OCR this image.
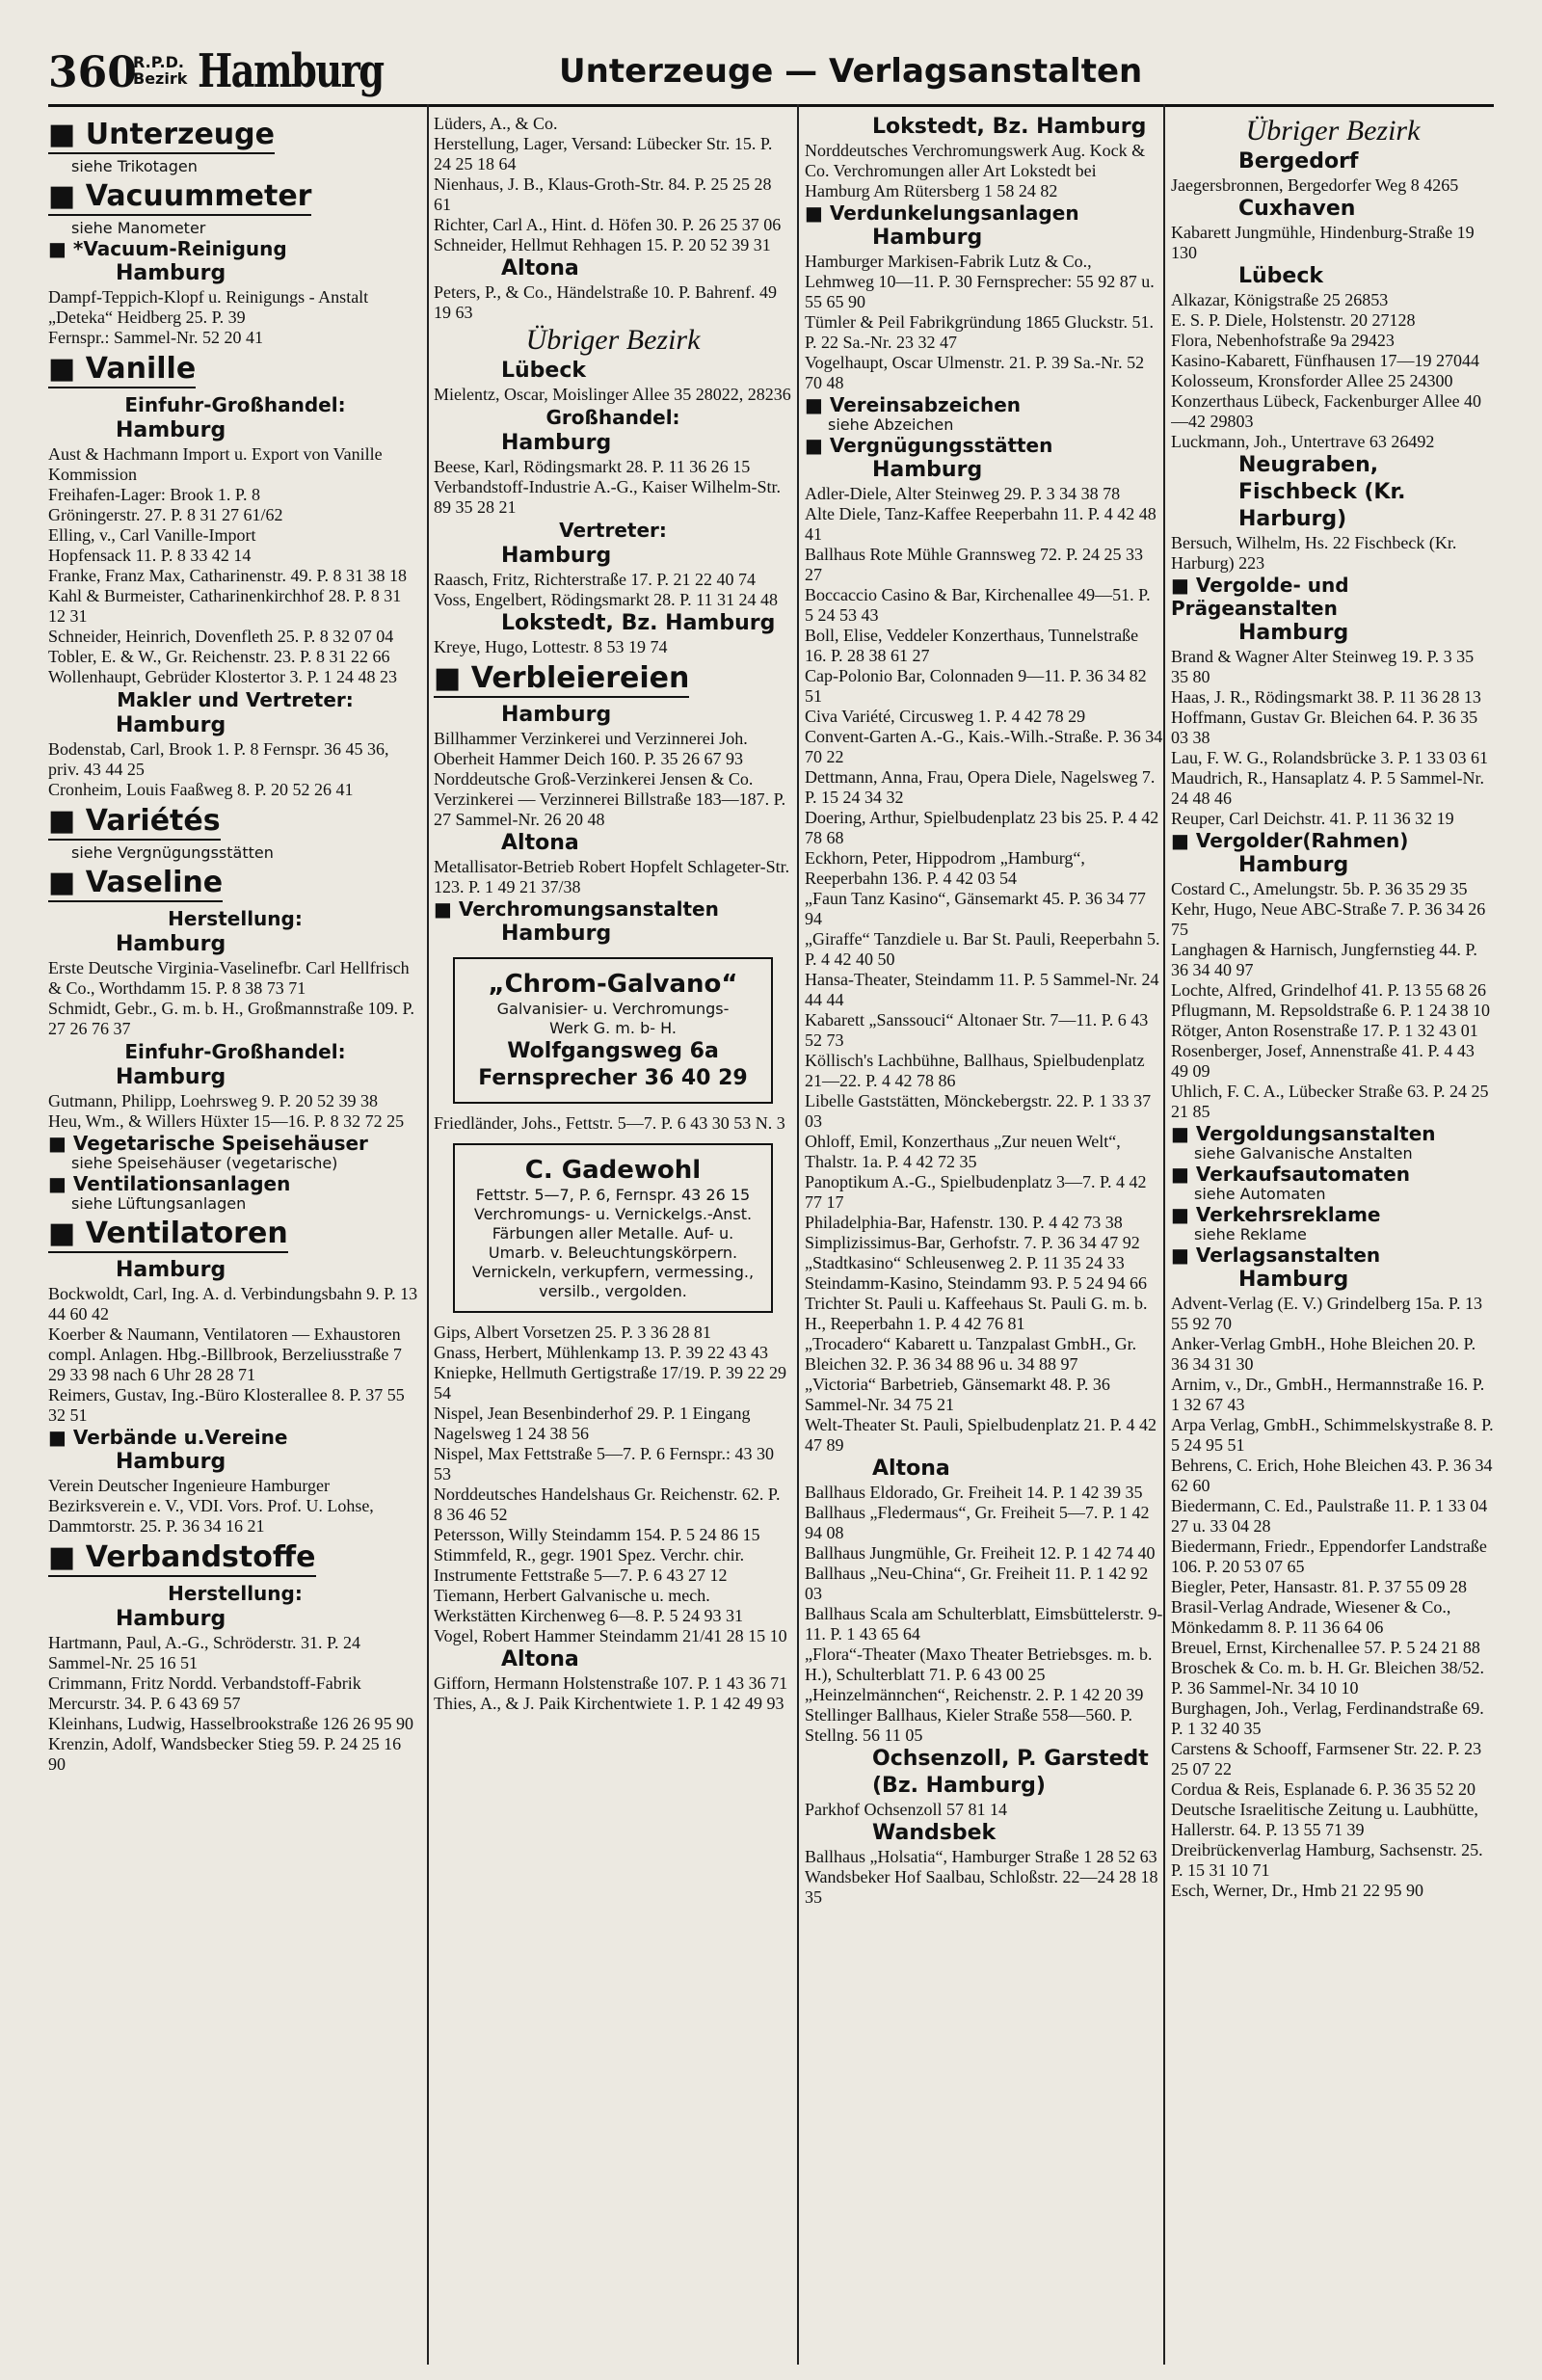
360
R.P.D.
Bezirk Hamburg	Unterzeuge — Verlagsanstalten
■ Unterzeuge
siehe Trikotagen
■ Vacuummeter
siehe Manometer
■ *Vacuum-Reinigung
Hamburg
Dampf-Teppich-Klopf u. Reinigungs - Anstalt „Deteka“ Heidberg 25. P. 39
Fernspr.: Sammel-Nr. 52 20 41
■ Vanille
Einfuhr-Großhandel:
Hamburg
Aust & Hachmann Import u. Export von Vanille Kommission
Freihafen-Lager: Brook 1. P. 8
Gröningerstr. 27. P. 8 31 27 61/62
Elling, v., Carl Vanille-Import
Hopfensack 11. P. 8 33 42 14
Franke, Franz Max, Catharinenstr. 49. P. 8 31 38 18
Kahl & Burmeister, Catharinenkirchhof 28. P. 8 31 12 31
Schneider, Heinrich, Dovenfleth 25. P. 8 32 07 04
Tobler, E. & W., Gr. Reichenstr. 23. P. 8 31 22 66
Wollenhaupt, Gebrüder Klostertor 3. P. 1 24 48 23
Makler und Vertreter:
Hamburg
Bodenstab, Carl, Brook 1. P. 8 Fernspr. 36 45 36, priv. 43 44 25
Cronheim, Louis Faaßweg 8. P. 20 52 26 41
■ Variétés
siehe Vergnügungsstätten
■ Vaseline
Herstellung:
Hamburg
Erste Deutsche Virginia-Vaselinefbr. Carl Hellfrisch & Co., Worthdamm 15. P. 8 38 73 71
Schmidt, Gebr., G. m. b. H., Großmannstraße 109. P. 27 26 76 37
Einfuhr-Großhandel:
Hamburg
Gutmann, Philipp, Loehrsweg 9. P. 20 52 39 38
Heu, Wm., & Willers Hüxter 15—16. P. 8 32 72 25
■ Vegetarische Speisehäuser
siehe Speisehäuser (vegetarische)
■ Ventilationsanlagen
siehe Lüftungsanlagen
■ Ventilatoren
Hamburg
Bockwoldt, Carl, Ing. A. d. Verbindungsbahn 9. P. 13 44 60 42
Koerber & Naumann, Ventilatoren — Exhaustoren compl. Anlagen. Hbg.-Billbrook, Berzeliusstraße 7 29 33 98 nach 6 Uhr 28 28 71
Reimers, Gustav, Ing.-Büro Klosterallee 8. P. 37 55 32 51
■ Verbände u.Vereine
Hamburg
Verein Deutscher Ingenieure Hamburger Bezirksverein e. V., VDI. Vors. Prof. U. Lohse, Dammtorstr. 25. P. 36 34 16 21
■ Verbandstoffe
Herstellung:
Hamburg
Hartmann, Paul, A.-G., Schröderstr. 31. P. 24 Sammel-Nr. 25 16 51
Crimmann, Fritz Nordd. Verbandstoff-Fabrik Mercurstr. 34. P. 6 43 69 57
Kleinhans, Ludwig, Hasselbrookstraße 126 26 95 90
Krenzin, Adolf, Wandsbecker Stieg 59. P. 24 25 16 90
Lüders, A., & Co.
Herstellung, Lager, Versand: Lübecker Str. 15. P. 24 25 18 64
Nienhaus, J. B., Klaus-Groth-Str. 84. P. 25 25 28 61
Richter, Carl A., Hint. d. Höfen 30. P. 26 25 37 06
Schneider, Hellmut Rehhagen 15. P. 20 52 39 31
Altona
Peters, P., & Co., Händelstraße 10. P. Bahrenf. 49 19 63
Übriger Bezirk
Lübeck
Mielentz, Oscar, Moislinger Allee 35 28022, 28236
Großhandel:
Hamburg
Beese, Karl, Rödingsmarkt 28. P. 11 36 26 15
Verbandstoff-Industrie A.-G., Kaiser Wilhelm-Str. 89 35 28 21
Vertreter:
Hamburg
Raasch, Fritz, Richterstraße 17. P. 21 22 40 74
Voss, Engelbert, Rödingsmarkt 28. P. 11 31 24 48
Lokstedt, Bz. Hamburg
Kreye, Hugo, Lottestr. 8 53 19 74
■ Verbleiereien
Hamburg
Billhammer Verzinkerei und Verzinnerei Joh. Oberheit Hammer Deich 160. P. 35 26 67 93
Norddeutsche Groß-Verzinkerei Jensen & Co. Verzinkerei — Verzinnerei Billstraße 183—187. P. 27 Sammel-Nr. 26 20 48
Altona
Metallisator-Betrieb Robert Hopfelt Schlageter-Str. 123. P. 1 49 21 37/38
■ Verchromungsanstalten
Hamburg
„Chrom-Galvano“
Galvanisier- u. Verchromungs-
Werk G. m. b- H.
Wolfgangsweg 6a
Fernsprecher 36 40 29
Friedländer, Johs., Fettstr. 5—7. P. 6 43 30 53 N. 3
C. Gadewohl
Fettstr. 5—7, P. 6, Fernspr. 43 26 15
Verchromungs- u. Vernickelgs.-Anst. Färbungen aller Metalle. Auf- u. Umarb. v. Beleuchtungskörpern. Vernickeln, verkupfern, vermessing., versilb., vergolden.
Gips, Albert Vorsetzen 25. P. 3 36 28 81
Gnass, Herbert, Mühlenkamp 13. P. 39 22 43 43
Kniepke, Hellmuth Gertigstraße 17/19. P. 39 22 29 54
Nispel, Jean Besenbinderhof 29. P. 1 Eingang Nagelsweg 1 24 38 56
Nispel, Max Fettstraße 5—7. P. 6 Fernspr.: 43 30 53
Norddeutsches Handelshaus Gr. Reichenstr. 62. P. 8 36 46 52
Petersson, Willy Steindamm 154. P. 5 24 86 15
Stimmfeld, R., gegr. 1901 Spez. Verchr. chir. Instrumente Fettstraße 5—7. P. 6 43 27 12
Tiemann, Herbert Galvanische u. mech. Werkstätten Kirchenweg 6—8. P. 5 24 93 31
Vogel, Robert Hammer Steindamm 21/41 28 15 10
Altona
Gifforn, Hermann Holstenstraße 107. P. 1 43 36 71
Thies, A., & J. Paik Kirchentwiete 1. P. 1 42 49 93
Lokstedt, Bz. Hamburg
Norddeutsches Verchromungswerk Aug. Kock & Co. Verchromungen aller Art Lokstedt bei Hamburg Am Rütersberg 1 58 24 82
■ Verdunkelungsanlagen
Hamburg
Hamburger Markisen-Fabrik Lutz & Co., Lehmweg 10—11. P. 30 Fernsprecher: 55 92 87 u. 55 65 90
Tümler & Peil Fabrikgründung 1865 Gluckstr. 51. P. 22 Sa.-Nr. 23 32 47
Vogelhaupt, Oscar Ulmenstr. 21. P. 39 Sa.-Nr. 52 70 48
■ Vereinsabzeichen
siehe Abzeichen
■ Vergnügungsstätten
Hamburg
Adler-Diele, Alter Steinweg 29. P. 3 34 38 78
Alte Diele, Tanz-Kaffee Reeperbahn 11. P. 4 42 48 41
Ballhaus Rote Mühle Grannsweg 72. P. 24 25 33 27
Boccaccio Casino & Bar, Kirchenallee 49—51. P. 5 24 53 43
Boll, Elise, Veddeler Konzerthaus, Tunnelstraße 16. P. 28 38 61 27
Cap-Polonio Bar, Colonnaden 9—11. P. 36 34 82 51
Civa Variété, Circusweg 1. P. 4 42 78 29
Convent-Garten A.-G., Kais.-Wilh.-Straße. P. 36 34 70 22
Dettmann, Anna, Frau, Opera Diele, Nagelsweg 7. P. 15 24 34 32
Doering, Arthur, Spielbudenplatz 23 bis 25. P. 4 42 78 68
Eckhorn, Peter, Hippodrom „Hamburg“, Reeperbahn 136. P. 4 42 03 54
„Faun Tanz Kasino“, Gänsemarkt 45. P. 36 34 77 94
„Giraffe“ Tanzdiele u. Bar St. Pauli, Reeperbahn 5. P. 4 42 40 50
Hansa-Theater, Steindamm 11. P. 5 Sammel-Nr. 24 44 44
Kabarett „Sanssouci“ Altonaer Str. 7—11. P. 6 43 52 73
Köllisch's Lachbühne, Ballhaus, Spielbudenplatz 21—22. P. 4 42 78 86
Libelle Gaststätten, Mönckebergstr. 22. P. 1 33 37 03
Ohloff, Emil, Konzerthaus „Zur neuen Welt“, Thalstr. 1a. P. 4 42 72 35
Panoptikum A.-G., Spielbudenplatz 3—7. P. 4 42 77 17
Philadelphia-Bar, Hafenstr. 130. P. 4 42 73 38
Simplizissimus-Bar, Gerhofstr. 7. P. 36 34 47 92
„Stadtkasino“ Schleusenweg 2. P. 11 35 24 33
Steindamm-Kasino, Steindamm 93. P. 5 24 94 66
Trichter St. Pauli u. Kaffeehaus St. Pauli G. m. b. H., Reeperbahn 1. P. 4 42 76 81
„Trocadero“ Kabarett u. Tanzpalast GmbH., Gr. Bleichen 32. P. 36 34 88 96 u. 34 88 97
„Victoria“ Barbetrieb, Gänsemarkt 48. P. 36 Sammel-Nr. 34 75 21
Welt-Theater St. Pauli, Spielbudenplatz 21. P. 4 42 47 89
Altona
Ballhaus Eldorado, Gr. Freiheit 14. P. 1 42 39 35
Ballhaus „Fledermaus“, Gr. Freiheit 5—7. P. 1 42 94 08
Ballhaus Jungmühle, Gr. Freiheit 12. P. 1 42 74 40
Ballhaus „Neu-China“, Gr. Freiheit 11. P. 1 42 92 03
Ballhaus Scala am Schulterblatt, Eimsbüttelerstr. 9-11. P. 1 43 65 64
„Flora“-Theater (Maxo Theater Betriebsges. m. b. H.), Schulterblatt 71. P. 6 43 00 25
„Heinzelmännchen“, Reichenstr. 2. P. 1 42 20 39
Stellinger Ballhaus, Kieler Straße 558—560. P. Stellng. 56 11 05
Ochsenzoll, P. Garstedt (Bz. Hamburg)
Parkhof Ochsenzoll 57 81 14
Wandsbek
Ballhaus „Holsatia“, Hamburger Straße 1 28 52 63
Wandsbeker Hof Saalbau, Schloßstr. 22—24 28 18 35
Übriger Bezirk
Bergedorf
Jaegersbronnen, Bergedorfer Weg 8 4265
Cuxhaven
Kabarett Jungmühle, Hindenburg-Straße 19 130
Lübeck
Alkazar, Königstraße 25 26853
E. S. P. Diele, Holstenstr. 20 27128
Flora, Nebenhofstraße 9a 29423
Kasino-Kabarett, Fünfhausen 17—19 27044
Kolosseum, Kronsforder Allee 25 24300
Konzerthaus Lübeck, Fackenburger Allee 40—42 29803
Luckmann, Joh., Untertrave 63 26492
Neugraben, Fischbeck (Kr. Harburg)
Bersuch, Wilhelm, Hs. 22 Fischbeck (Kr. Harburg) 223
■ Vergolde- und Prägeanstalten
Hamburg
Brand & Wagner Alter Steinweg 19. P. 3 35 35 80
Haas, J. R., Rödingsmarkt 38. P. 11 36 28 13
Hoffmann, Gustav Gr. Bleichen 64. P. 36 35 03 38
Lau, F. W. G., Rolandsbrücke 3. P. 1 33 03 61
Maudrich, R., Hansaplatz 4. P. 5 Sammel-Nr. 24 48 46
Reuper, Carl Deichstr. 41. P. 11 36 32 19
■ Vergolder(Rahmen)
Hamburg
Costard C., Amelungstr. 5b. P. 36 35 29 35
Kehr, Hugo, Neue ABC-Straße 7. P. 36 34 26 75
Langhagen & Harnisch, Jungfernstieg 44. P. 36 34 40 97
Lochte, Alfred, Grindelhof 41. P. 13 55 68 26
Pflugmann, M. Repsoldstraße 6. P. 1 24 38 10
Rötger, Anton Rosenstraße 17. P. 1 32 43 01
Rosenberger, Josef, Annenstraße 41. P. 4 43 49 09
Uhlich, F. C. A., Lübecker Straße 63. P. 24 25 21 85
■ Vergoldungsanstalten
siehe Galvanische Anstalten
■ Verkaufsautomaten
siehe Automaten
■ Verkehrsreklame
siehe Reklame
■ Verlagsanstalten
Hamburg
Advent-Verlag (E. V.) Grindelberg 15a. P. 13 55 92 70
Anker-Verlag GmbH., Hohe Bleichen 20. P. 36 34 31 30
Arnim, v., Dr., GmbH., Hermannstraße 16. P. 1 32 67 43
Arpa Verlag, GmbH., Schimmelskystraße 8. P. 5 24 95 51
Behrens, C. Erich, Hohe Bleichen 43. P. 36 34 62 60
Biedermann, C. Ed., Paulstraße 11. P. 1 33 04 27 u. 33 04 28
Biedermann, Friedr., Eppendorfer Landstraße 106. P. 20 53 07 65
Biegler, Peter, Hansastr. 81. P. 37 55 09 28
Brasil-Verlag Andrade, Wiesener & Co., Mönkedamm 8. P. 11 36 64 06
Breuel, Ernst, Kirchenallee 57. P. 5 24 21 88
Broschek & Co. m. b. H. Gr. Bleichen 38/52. P. 36 Sammel-Nr. 34 10 10
Burghagen, Joh., Verlag, Ferdinandstraße 69. P. 1 32 40 35
Carstens & Schooff, Farmsener Str. 22. P. 23 25 07 22
Cordua & Reis, Esplanade 6. P. 36 35 52 20
Deutsche Israelitische Zeitung u. Laubhütte, Hallerstr. 64. P. 13 55 71 39
Dreibrückenverlag Hamburg, Sachsenstr. 25. P. 15 31 10 71
Esch, Werner, Dr., Hmb 21 22 95 90
